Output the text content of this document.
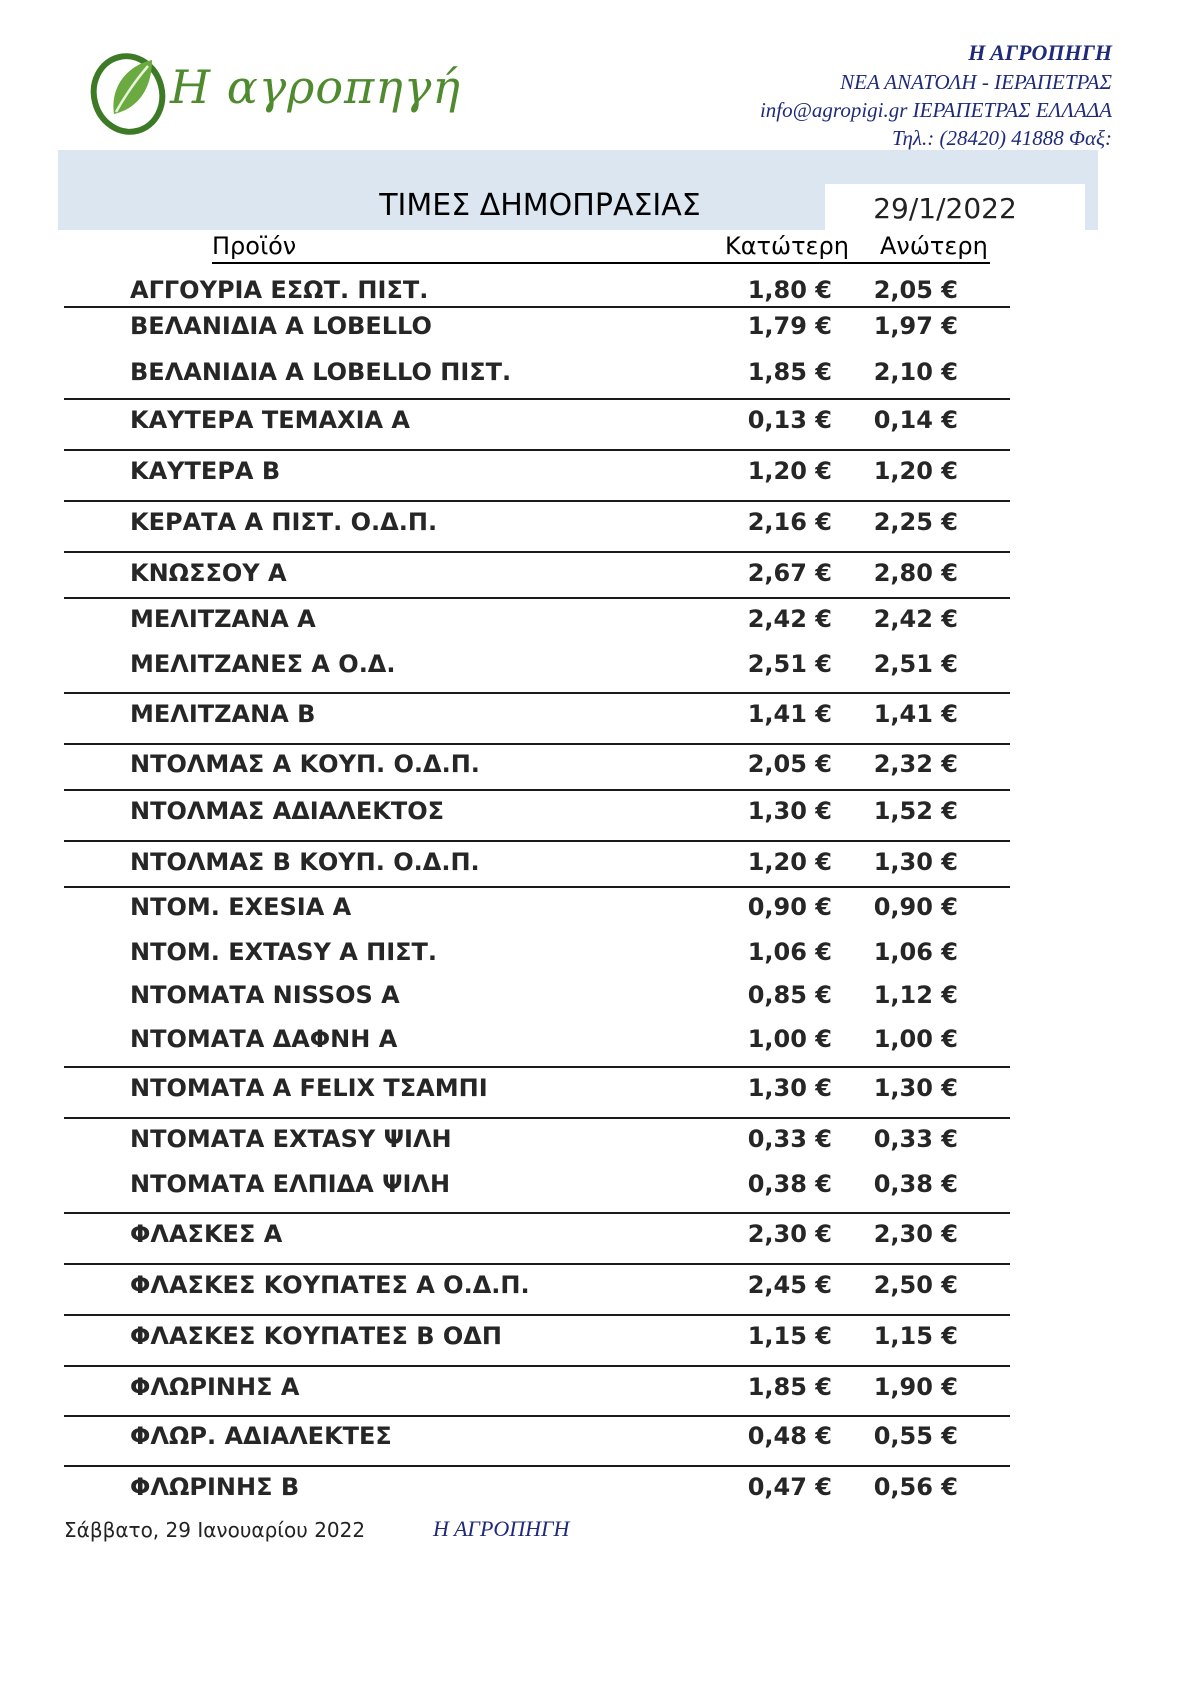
Η αγροπηγή
Η ΑΓΡΟΠΗΓΗ
ΝΕΑ ΑΝΑΤΟΛΗ - ΙΕΡΑΠΕΤΡΑΣ
info@agropigi.gr ΙΕΡΑΠΕΤΡΑΣ ΕΛΛΑΔΑ
Τηλ.: (28420) 41888 Φαξ:
ΤΙΜΕΣ ΔΗΜΟΠΡΑΣΙΑΣ	29/1/2022
Προϊόν	Κατώτερη Ανώτερη
ΑΓΓΟΥΡΙΑ ΕΣΩΤ. ΠΙΣΤ.	1,80 €	2,05 €
ΒΕΛΑΝΙΔΙΑ Α LOBELLO	1,79 €	1,97 €
ΒΕΛΑΝΙΔΙΑ Α LOBELLO ΠΙΣΤ.	1,85 €	2,10 €
ΚΑΥΤΕΡΑ ΤΕΜΑΧΙΑ Α	0,13 €	0,14 €
ΚΑΥΤΕΡΑ Β	1,20 €	1,20 €
ΚΕΡΑΤΑ Α ΠΙΣΤ. Ο.Δ.Π.	2,16 €	2,25 €
ΚΝΩΣΣΟΥ Α	2,67 €	2,80 €
ΜΕΛΙΤΖΑΝΑ Α	2,42 €	2,42 €
ΜΕΛΙΤΖΑΝΕΣ Α Ο.Δ.	2,51 €	2,51 €
ΜΕΛΙΤΖΑΝΑ Β	1,41 €	1,41 €
ΝΤΟΛΜΑΣ Α ΚΟΥΠ. Ο.Δ.Π.	2,05 €	2,32 €
ΝΤΟΛΜΑΣ ΑΔΙΑΛΕΚΤΟΣ	1,30 €	1,52 €
ΝΤΟΛΜΑΣ Β ΚΟΥΠ. Ο.Δ.Π.	1,20 €	1,30 €
ΝΤΟΜ. EXESIA Α	0,90 €	0,90 €
ΝΤΟΜ. EXTASY Α ΠΙΣΤ.	1,06 €	1,06 €
ΝΤΟΜΑΤΑ NISSOS Α	0,85 €	1,12 €
ΝΤΟΜΑΤΑ ΔΑΦΝΗ Α	1,00 €	1,00 €
ΝΤΟΜΑΤΑ Α FELIX ΤΣΑΜΠΙ	1,30 €	1,30 €
ΝΤΟΜΑΤΑ EXTASY ΨΙΛΗ	0,33 €	0,33 €
ΝΤΟΜΑΤΑ ΕΛΠΙΔΑ ΨΙΛΗ	0,38 €	0,38 €
ΦΛΑΣΚΕΣ Α	2,30 €	2,30 €
ΦΛΑΣΚΕΣ ΚΟΥΠΑΤΕΣ Α Ο.Δ.Π.	2,45 €	2,50 €
ΦΛΑΣΚΕΣ ΚΟΥΠΑΤΕΣ Β ΟΔΠ	1,15 €	1,15 €
ΦΛΩΡΙΝΗΣ Α	1,85 €	1,90 €
ΦΛΩΡ. ΑΔΙΑΛΕΚΤΕΣ	0,48 €	0,55 €
ΦΛΩΡΙΝΗΣ Β	0,47 €	0,56 €
Σάββατο, 29 Ιανουαρίου 2022	Η ΑΓΡΟΠΗΓΗ
